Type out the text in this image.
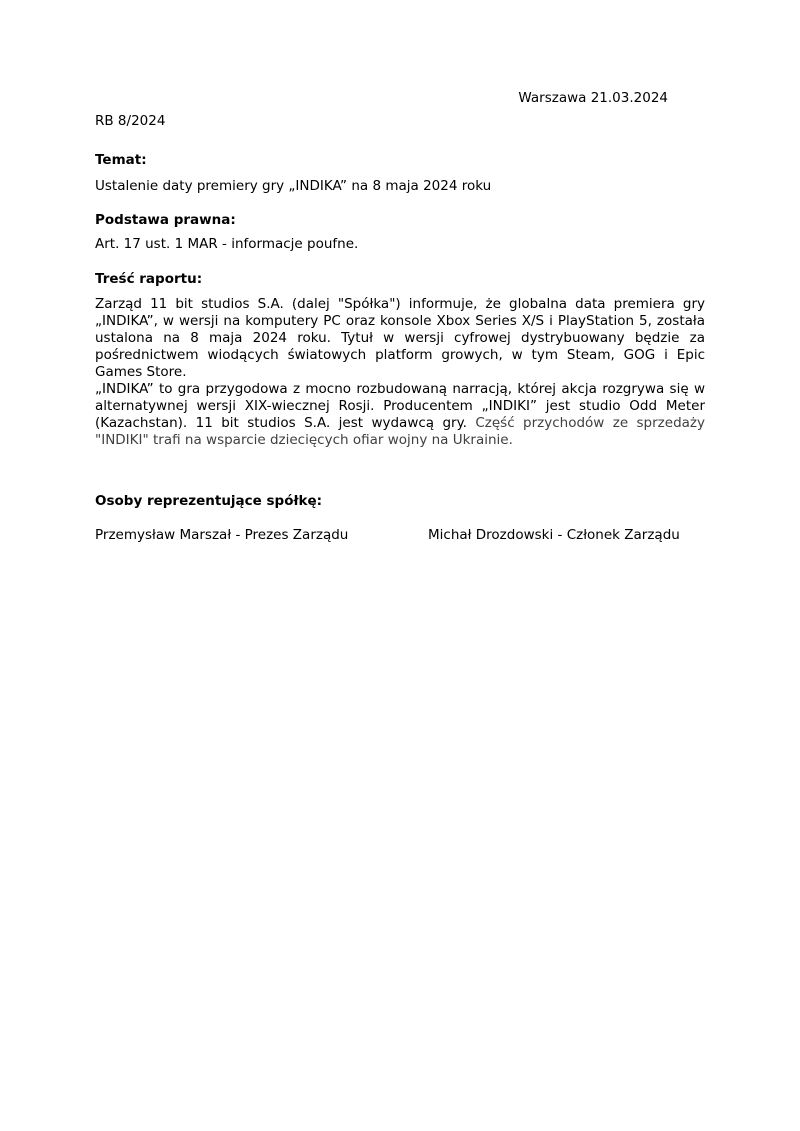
Warszawa 21.03.2024
RB 8/2024
Temat:
Ustalenie daty premiery gry „INDIKA” na 8 maja 2024 roku
Podstawa prawna:
Art. 17 ust. 1 MAR - informacje poufne.
Treść raportu:

Zarząd 11 bit studios S.A. (dalej "Spółka") informuje, że globalna data premiera gry „INDIKA”, w wersji na komputery PC oraz konsole Xbox Series X/S i PlayStation 5, została ustalona na 8 maja 2024 roku. Tytuł w wersji cyfrowej dystrybuowany będzie za pośrednictwem wiodących światowych platform growych, w tym Steam, GOG i Epic Games Store.

„INDIKA” to gra przygodowa z mocno rozbudowaną narracją, której akcja rozgrywa się w alternatywnej wersji XIX-wiecznej Rosji. Producentem „INDIKI” jest studio Odd Meter (Kazachstan). 11 bit studios S.A. jest wydawcą gry. Część przychodów ze sprzedaży "INDIKI" trafi na wsparcie dziecięcych ofiar wojny na Ukrainie.

Osoby reprezentujące spółkę:
Przemysław Marszał - Prezes Zarządu	Michał Drozdowski - Członek Zarządu
